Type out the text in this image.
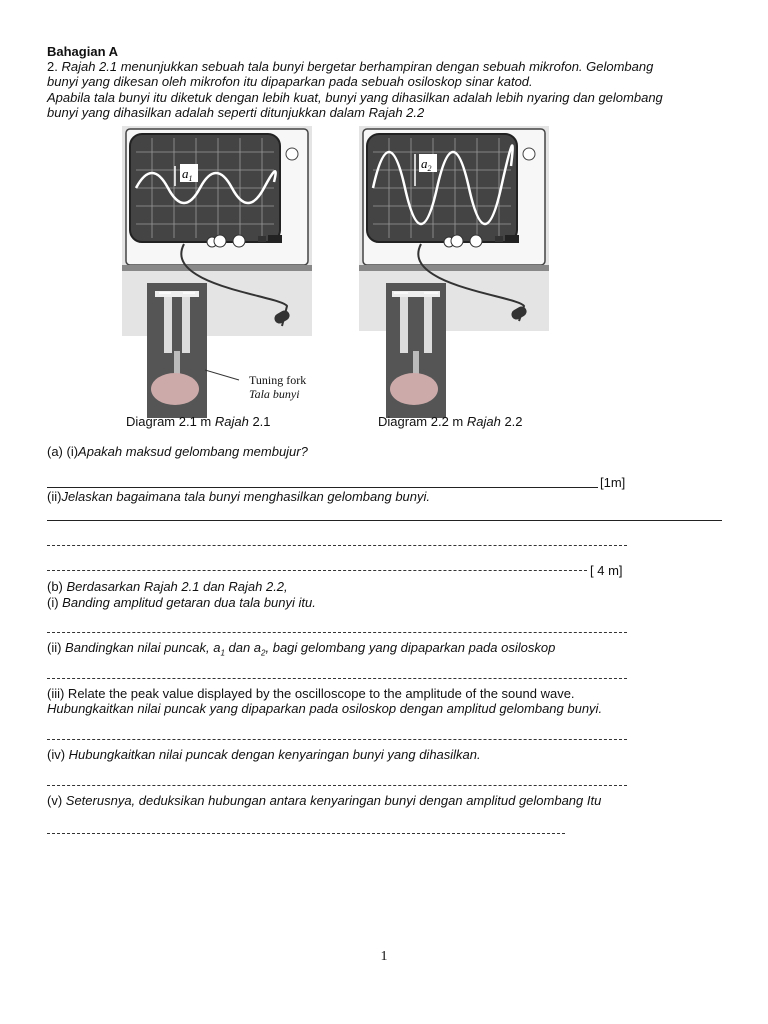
Bahagian A
2. Rajah 2.1 menunjukkan sebuah tala bunyi bergetar berhampiran dengan sebuah mikrofon. Gelombang
bunyi yang dikesan oleh mikrofon itu dipaparkan pada sebuah osiloskop sinar katod.
Apabila tala bunyi itu diketuk dengan lebih kuat, bunyi yang dihasilkan adalah lebih nyaring dan gelombang
bunyi yang dihasilkan adalah seperti ditunjukkan dalam Rajah 2.2
$a_1$
Tuning fork
Tala bunyi
$a_2$
Diagram 2.1 m Rajah 2.1	Diagram 2.2 m Rajah 2.2
(a) (i)Apakah maksud gelombang membujur?
[1m]
(ii)Jelaskan bagaimana tala bunyi menghasilkan gelombang bunyi.
[ 4 m]
(b) Berdasarkan Rajah 2.1 dan Rajah 2.2,
(i) Banding amplitud getaran dua tala bunyi itu.
(ii) Bandingkan nilai puncak, $a_1$ dan $a_2$, bagi gelombang yang dipaparkan pada osiloskop
(iii) Relate the peak value displayed by the oscilloscope to the amplitude of the sound wave.
Hubungkaitkan nilai puncak yang dipaparkan pada osiloskop dengan amplitud gelombang bunyi.
(iv) Hubungkaitkan nilai puncak dengan kenyaringan bunyi yang dihasilkan.
(v) Seterusnya, deduksikan hubungan antara kenyaringan bunyi dengan amplitud gelombang Itu
1
